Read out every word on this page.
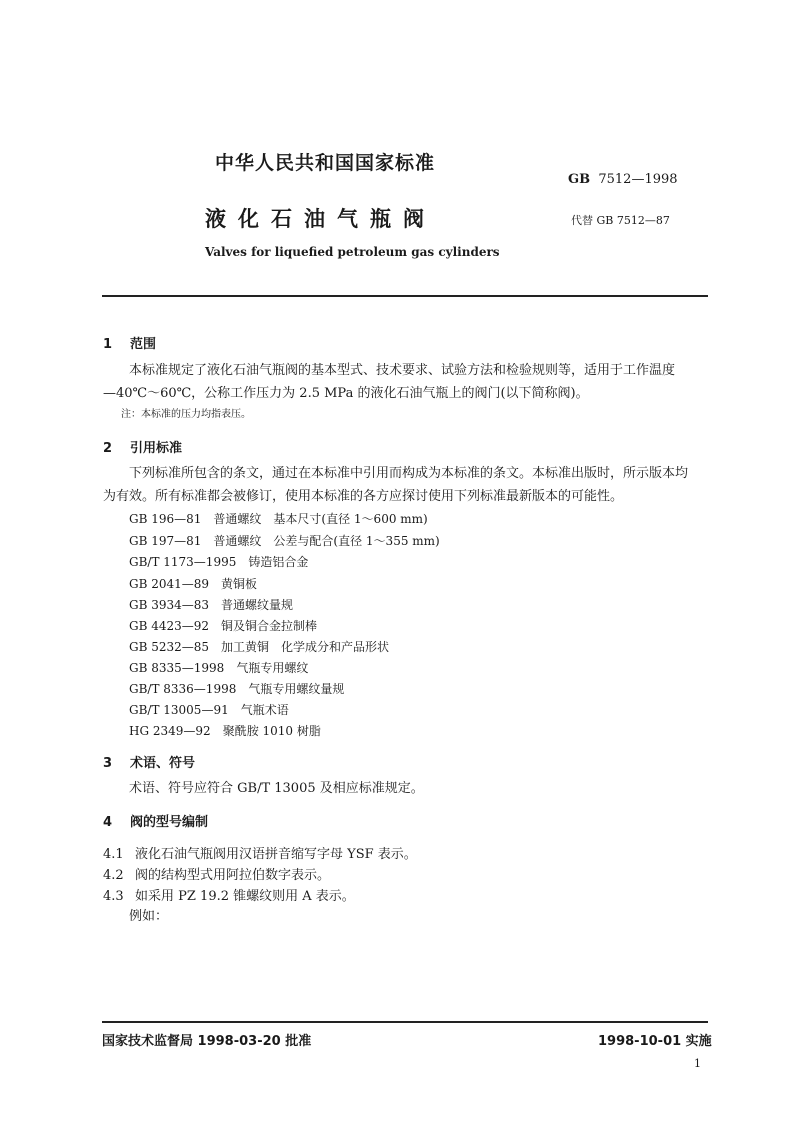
中华人民共和国国家标准
GB 7512—1998
液化石油气瓶阀	代替 GB 7512—87
Valves for liquefied petroleum gas cylinders
1 范围
本标准规定了液化石油气瓶阀的基本型式、技术要求、试验方法和检验规则等，适用于工作温度
—40℃～60℃，公称工作压力为 2.5 MPa 的液化石油气瓶上的阀门(以下简称阀)。
注：本标准的压力均指表压。
2 引用标准
下列标准所包含的条文，通过在本标准中引用而构成为本标准的条文。本标准出版时，所示版本均
为有效。所有标准都会被修订，使用本标准的各方应探讨使用下列标准最新版本的可能性。
GB 196—81　 普通螺纹　基本尺寸(直径 1～600 mm)
GB 197—81　 普通螺纹　公差与配合(直径 1～355 mm)
GB/T 1173—1995　 铸造铝合金
GB 2041—89　 黄铜板
GB 3934—83　 普通螺纹量规
GB 4423—92　 铜及铜合金拉制棒
GB 5232—85　 加工黄铜　化学成分和产品形状
GB 8335—1998　 气瓶专用螺纹
GB/T 8336—1998　 气瓶专用螺纹量规
GB/T 13005—91　 气瓶术语
HG 2349—92　 聚酰胺 1010 树脂
3 术语、符号
术语、符号应符合 GB/T 13005 及相应标准规定。
4 阀的型号编制
4.1 液化石油气瓶阀用汉语拼音缩写字母 YSF 表示。
4.2 阀的结构型式用阿拉伯数字表示。
4.3 如采用 PZ 19.2 锥螺纹则用 A 表示。
例如：
国家技术监督局 1998-03-20 批准	1998-10-01 实施
1
